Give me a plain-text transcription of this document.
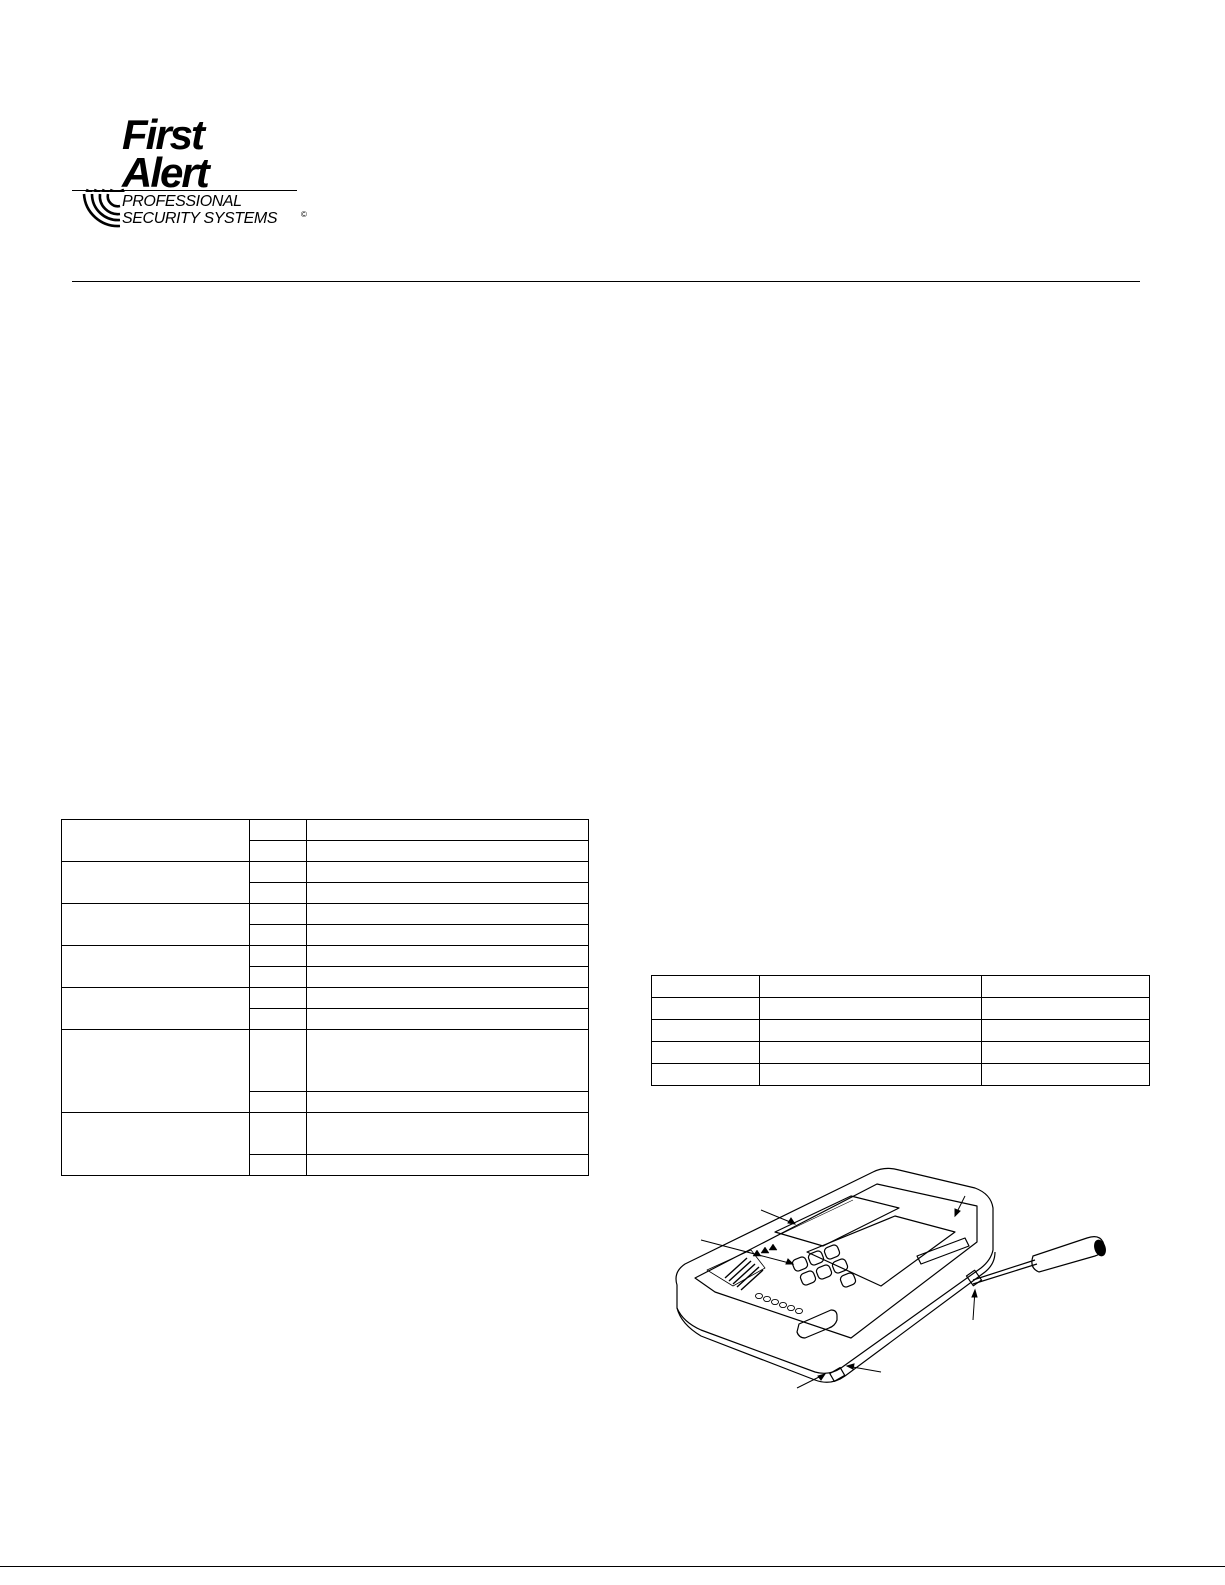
First
Alert
PROFESSIONAL
SECURITY SYSTEMS	©
